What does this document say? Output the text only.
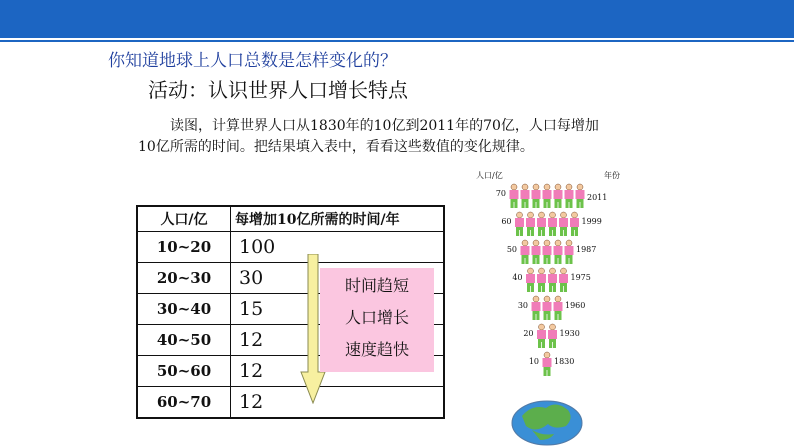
你知道地球上人口总数是怎样变化的？
活动：认识世界人口增长特点
读图，计算世界人口从1830年的10亿到2011年的70亿，人口每增加
10亿所需的时间。把结果填入表中，看看这些数值的变化规律。
人口/亿	每增加10亿所需的时间/年
10~20	100
20~30	30
30~40	15
40~50	12
50~60	12
60~70	12
时间趋短
人口增长
速度趋快
人口/亿	年份
70	2011
60	1999
50	1987
40	1975
30	1960
20	1930
10 1830
